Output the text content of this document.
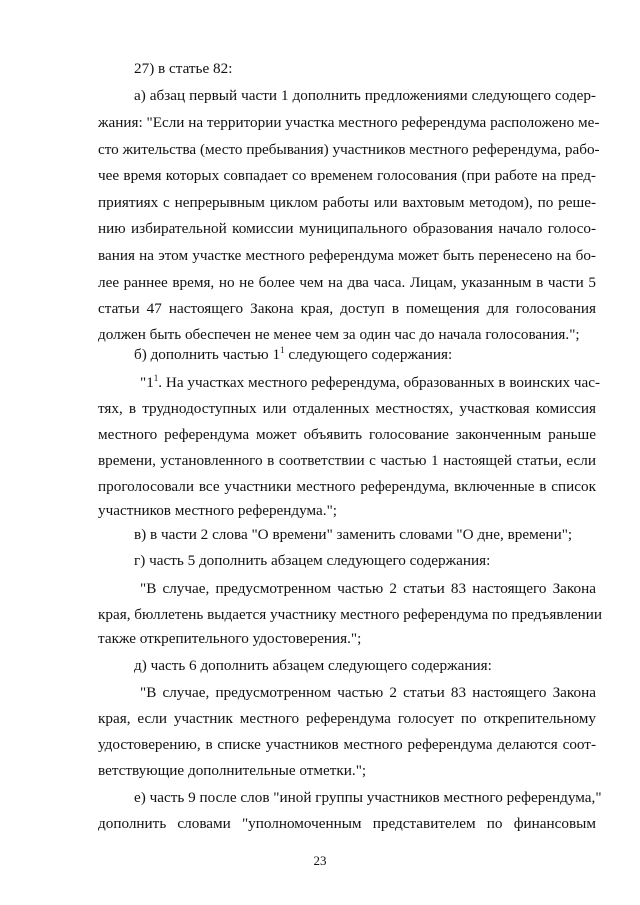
27) в статье 82:
а) абзац первый части 1 дополнить предложениями следующего содер-
жания: "Если на территории участка местного референдума расположено ме-
сто жительства (место пребывания) участников местного референдума, рабо-
чее время которых совпадает со временем голосования (при работе на пред-
приятиях с непрерывным циклом работы или вахтовым методом), по реше-
нию избирательной комиссии муниципального образования начало голосо-
вания на этом участке местного референдума может быть перенесено на бо-
лее раннее время, но не более чем на два часа. Лицам, указанным в части 5
статьи 47 настоящего Закона края, доступ в помещения для голосования
должен быть обеспечен не менее чем за один час до начала голосования.";
б) дополнить частью $1^1$ следующего содержания:
"$1^1$. На участках местного референдума, образованных в воинских час-
тях, в труднодоступных или отдаленных местностях, участковая комиссия
местного референдума может объявить голосование законченным раньше
времени, установленного в соответствии с частью 1 настоящей статьи, если
проголосовали все участники местного референдума, включенные в список
участников местного референдума.";
в) в части 2 слова "О времени" заменить словами "О дне, времени";
г) часть 5 дополнить абзацем следующего содержания:
"В случае, предусмотренном частью 2 статьи 83 настоящего Закона
края, бюллетень выдается участнику местного референдума по предъявлении
также открепительного удостоверения.";
д) часть 6 дополнить абзацем следующего содержания:
"В случае, предусмотренном частью 2 статьи 83 настоящего Закона
края, если участник местного референдума голосует по открепительному
удостоверению, в списке участников местного референдума делаются соот-
ветствующие дополнительные отметки.";
е) часть 9 после слов "иной группы участников местного референдума,"
дополнить словами "уполномоченным представителем по финансовым
23
